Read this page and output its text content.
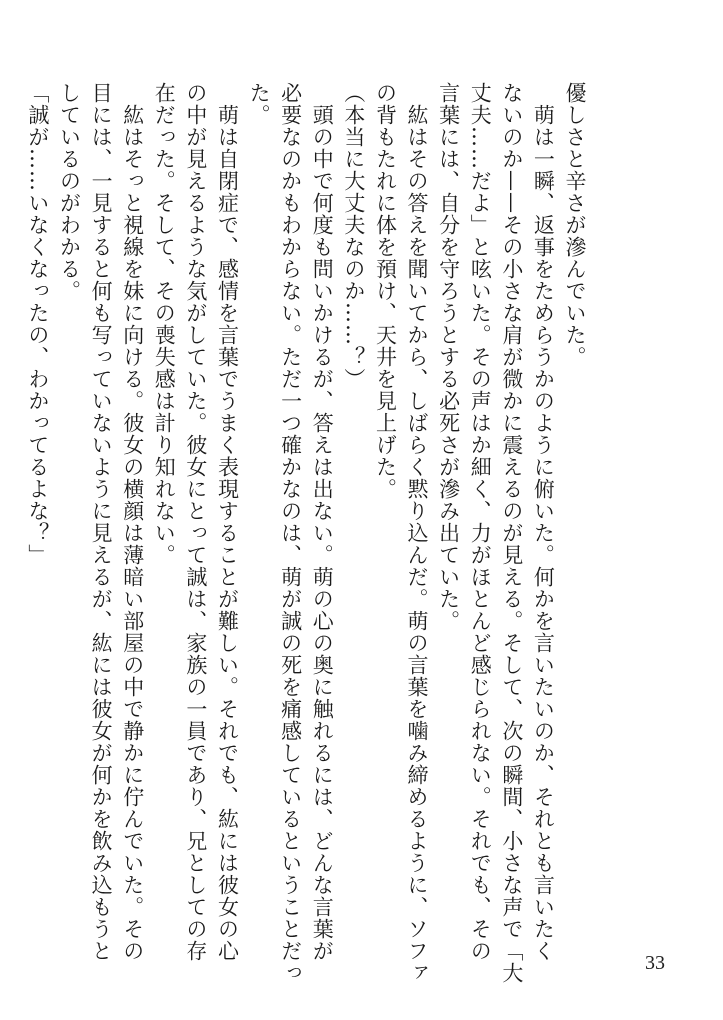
優しさと辛さが滲んでいた。
　萌は一瞬、返事をためらうかのように俯いた。何かを言いたいのか、それとも言いたく
ないのか——その小さな肩が微かに震えるのが見える。そして、次の瞬間、小さな声で「大
丈夫……だよ」と呟いた。その声はか細く、力がほとんど感じられない。それでも、その
言葉には、自分を守ろうとする必死さが滲み出ていた。
　紘はその答えを聞いてから、しばらく黙り込んだ。萌の言葉を噛み締めるように、ソファ
の背もたれに体を預け、天井を見上げた。
（本当に大丈夫なのか……？）
　頭の中で何度も問いかけるが、答えは出ない。萌の心の奥に触れるには、どんな言葉が
必要なのかもわからない。ただ一つ確かなのは、萌が誠の死を痛感しているということだっ
た。
　萌は自閉症で、感情を言葉でうまく表現することが難しい。それでも、紘には彼女の心
の中が見えるような気がしていた。彼女にとって誠は、家族の一員であり、兄としての存
在だった。そして、その喪失感は計り知れない。
　紘はそっと視線を妹に向ける。彼女の横顔は薄暗い部屋の中で静かに佇んでいた。その
目には、一見すると何も写っていないように見えるが、紘には彼女が何かを飲み込もうと
しているのがわかる。
「誠が……いなくなったの、わかってるよな？」
33
